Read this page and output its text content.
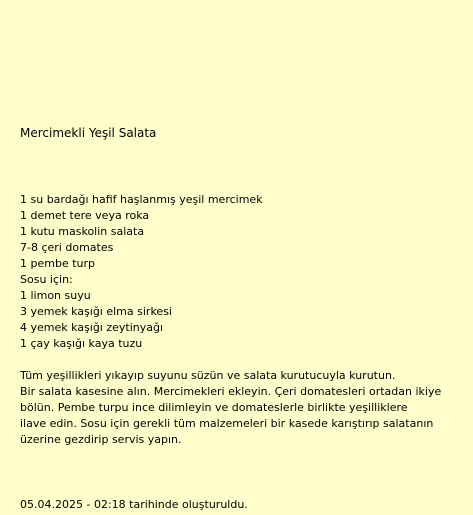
Mercimekli Yeşil Salata
1 su bardağı hafif haşlanmış yeşil mercimek
1 demet tere veya roka
1 kutu maskolin salata
7-8 çeri domates
1 pembe turp
Sosu için:
1 limon suyu
3 yemek kaşığı elma sirkesi
4 yemek kaşığı zeytinyağı
1 çay kaşığı kaya tuzu
Tüm yeşillikleri yıkayıp suyunu süzün ve salata kurutucuyla kurutun.
Bir salata kasesine alın. Mercimekleri ekleyin. Çeri domatesleri ortadan ikiye
bölün. Pembe turpu ince dilimleyin ve domateslerle birlikte yeşilliklere
ilave edin. Sosu için gerekli tüm malzemeleri bir kasede karıştırıp salatanın
üzerine gezdirip servis yapın.
05.04.2025 - 02:18 tarihinde oluşturuldu.
